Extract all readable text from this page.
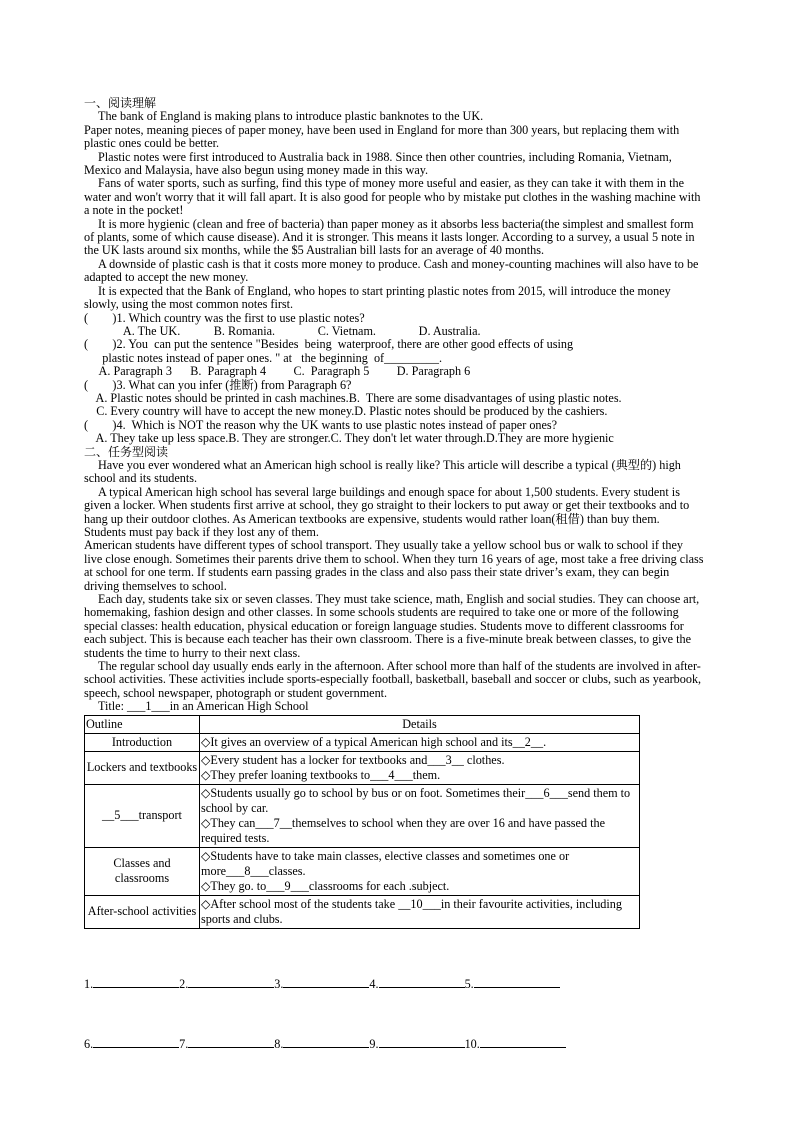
一、阅读理解

The bank of England is making plans to introduce plastic banknotes to the UK.

Paper notes, meaning pieces of paper money, have been used in England for more than 300 years, but replacing them with plastic ones could be better.

Plastic notes were first introduced to Australia back in 1988. Since then other countries, including Romania, Vietnam, Mexico and Malaysia, have also begun using money made in this way.

Fans of water sports, such as surfing, find this type of money more useful and easier, as they can take it with them in the water and won't worry that it will fall apart. It is also good for people who by mistake put clothes in the washing machine with a note in the pocket!

It is more hygienic (clean and free of bacteria) than paper money as it absorbs less bacteria(the simplest and smallest form of plants, some of which cause disease). And it is stronger. This means it lasts longer. According to a survey, a usual 5 note in the UK lasts around six months, while the $5 Australian bill lasts for an average of 40 months.

A downside of plastic cash is that it costs more money to produce. Cash and money-counting machines will also have to be adapted to accept the new money.

It is expected that the Bank of England, who hopes to start printing plastic notes from 2015, will introduce the money slowly, using the most common notes first.

(        )1. Which country was the first to use plastic notes?

A. The UK.           B. Romania.              C. Vietnam.              D. Australia.

(        )2. You  can put the sentence "Besides  being  waterproof, there are other good effects of using

plastic notes instead of paper ones. " at   the beginning  of_________.

A. Paragraph 3      B.  Paragraph 4         C.  Paragraph 5         D. Paragraph 6

(        )3. What can you infer (推断) from Paragraph 6?

A. Plastic notes should be printed in cash machines.B.  There are some disadvantages of using plastic notes.

C. Every country will have to accept the new money.D. Plastic notes should be produced by the cashiers.

(        )4.  Which is NOT the reason why the UK wants to use plastic notes instead of paper ones?

A. They take up less space.B. They are stronger.C. They don't let water through.D.They are more hygienic

二、任务型阅读

Have you ever wondered what an American high school is really like? This article will describe a typical (典型的) high school and its students.

A typical American high school has several large buildings and enough space for about 1,500 students. Every student is given a locker. When students first arrive at school, they go straight to their lockers to put away or get their textbooks and to hang up their outdoor clothes. As American textbooks are expensive, students would rather loan(租借) than buy them. Students must pay back if they lost any of them.

American students have different types of school transport. They usually take a yellow school bus or walk to school if they live close enough. Sometimes their parents drive them to school. When they turn 16 years of age, most take a free driving class at school for one term. If students earn passing grades in the class and also pass their state driver’s exam, they can begin driving themselves to school.

Each day, students take six or seven classes. They must take science, math, English and social studies. They can choose art, homemaking, fashion design and other classes. In some schools students are required to take one or more of the following special classes: health education, physical education or foreign language studies. Students move to different classrooms for each subject. This is because each teacher has their own classroom. There is a five-minute break between classes, to give the students the time to hurry to their next class.

The regular school day usually ends early in the afternoon. After school more than half of the students are involved in after-school activities. These activities include sports-especially football, basketball, baseball and soccer or clubs, such as yearbook, speech, school newspaper, photograph or student government.

Title: ___1___in an American High School

Outline	Details
Introduction	◇It gives an overview of a typical American high school and its__2__.

Lockers and textbooks	◇Every student has a locker for textbooks and___3__ clothes.
◇They prefer loaning textbooks to___4___them.

__5___transport	◇Students usually go to school by bus or on foot. Sometimes their___6___send them to school by car.
◇They can___7__themselves to school when they are over 16 and have passed the required tests.

Classes and classrooms	◇Students have to take main classes, elective classes and sometimes one or more___8___classes.
◇They go. to___9___classrooms for each .subject.

After-school activities	◇After school most of the students take __10___in their favourite activities, including sports and clubs.

1.	2.	3.	4.	5.

6.	7.	8.	9.	10.
